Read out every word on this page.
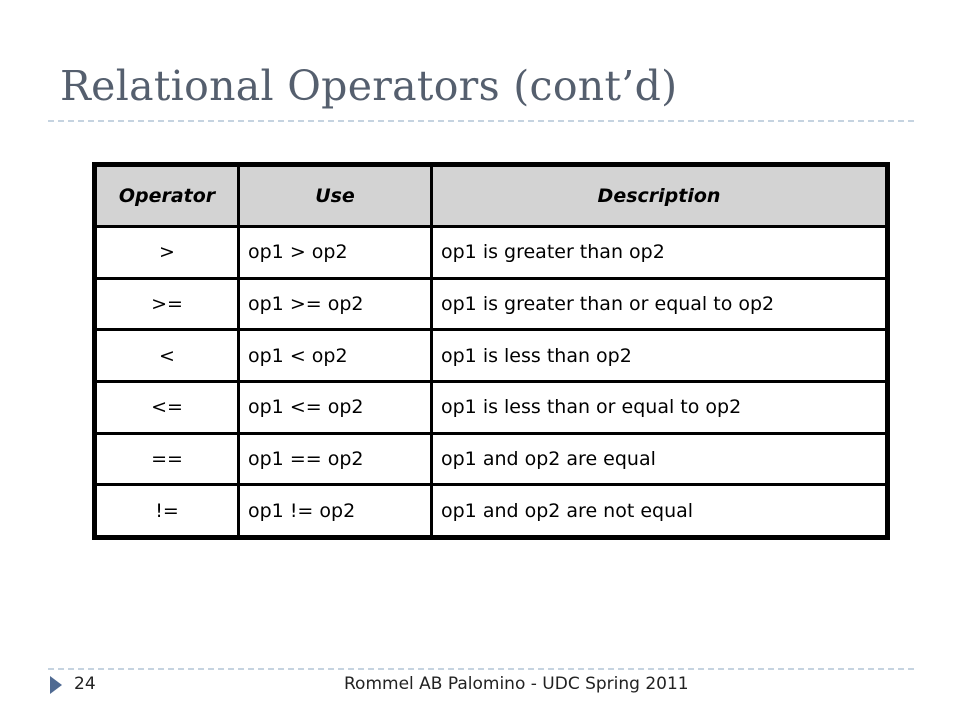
Relational Operators (cont’d)
Operator	Use	Description
>	op1 > op2	op1 is greater than op2
>=	op1 >= op2	op1 is greater than or equal to op2
<	op1 < op2	op1 is less than op2
<=	op1 <= op2	op1 is less than or equal to op2
==	op1 == op2	op1 and op2 are equal
!=	op1 != op2	op1 and op2 are not equal
24	Rommel AB Palomino - UDC Spring 2011
